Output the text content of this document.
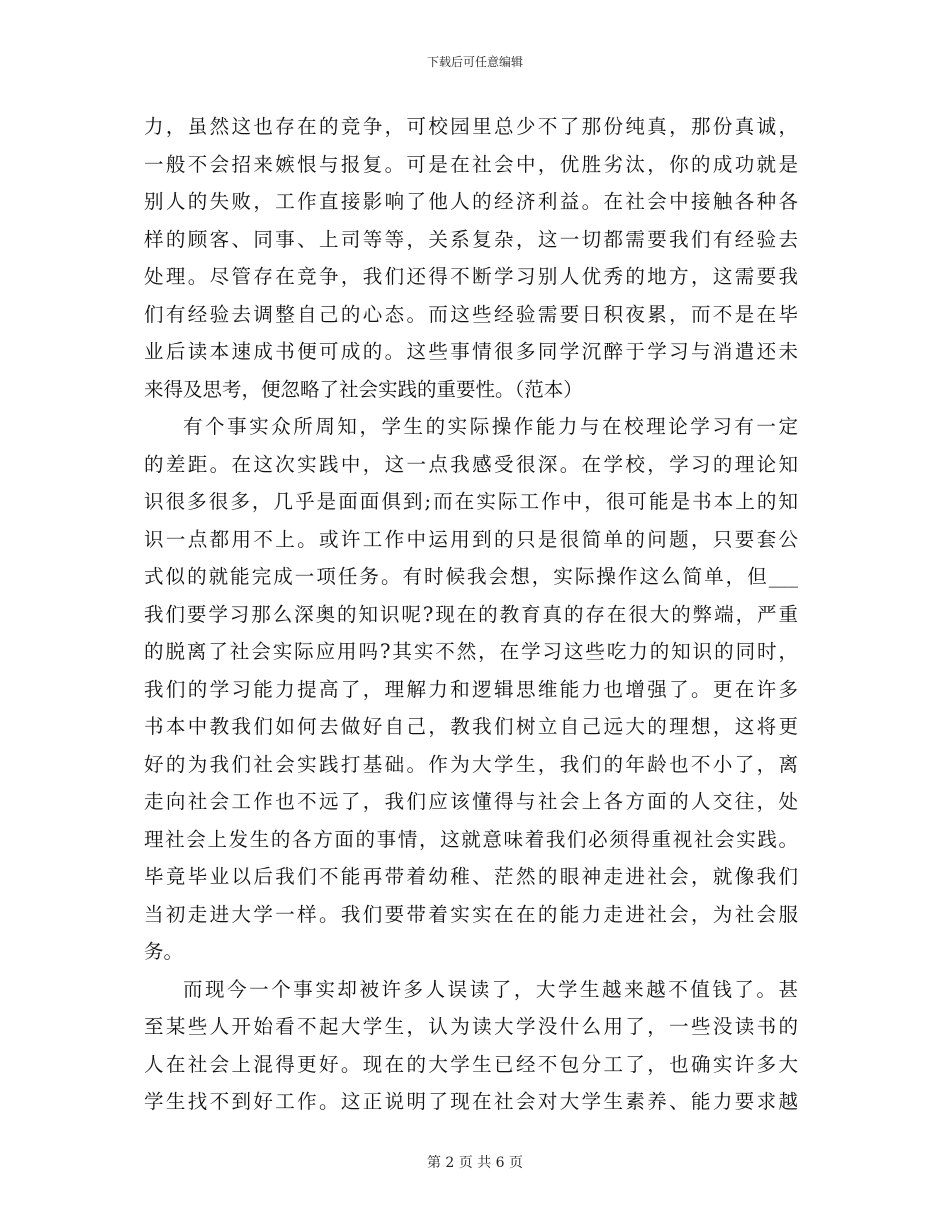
下载后可任意编辑
力，虽然这也存在的竞争，可校园里总少不了那份纯真，那份真诚，
一般不会招来嫉恨与报复。可是在社会中，优胜劣汰，你的成功就是
别人的失败，工作直接影响了他人的经济利益。在社会中接触各种各
样的顾客、同事、上司等等，关系复杂，这一切都需要我们有经验去
处理。尽管存在竞争，我们还得不断学习别人优秀的地方，这需要我
们有经验去调整自己的心态。而这些经验需要日积夜累，而不是在毕
业后读本速成书便可成的。这些事情很多同学沉醉于学习与消遣还未
来得及思考，便忽略了社会实践的重要性。（范本）
有个事实众所周知，学生的实际操作能力与在校理论学习有一定
的差距。在这次实践中，这一点我感受很深。在学校，学习的理论知
识很多很多，几乎是面面俱到;而在实际工作中，很可能是书本上的知
识一点都用不上。或许工作中运用到的只是很简单的问题，只要套公
式似的就能完成一项任务。有时候我会想，实际操作这么简单，但___
我们要学习那么深奥的知识呢?现在的教育真的存在很大的弊端，严重
的脱离了社会实际应用吗?其实不然，在学习这些吃力的知识的同时，
我们的学习能力提高了，理解力和逻辑思维能力也增强了。更在许多
书本中教我们如何去做好自己，教我们树立自己远大的理想，这将更
好的为我们社会实践打基础。作为大学生，我们的年龄也不小了，离
走向社会工作也不远了，我们应该懂得与社会上各方面的人交往，处
理社会上发生的各方面的事情，这就意味着我们必须得重视社会实践。
毕竟毕业以后我们不能再带着幼稚、茫然的眼神走进社会，就像我们
当初走进大学一样。我们要带着实实在在的能力走进社会，为社会服
务。
而现今一个事实却被许多人误读了，大学生越来越不值钱了。甚
至某些人开始看不起大学生，认为读大学没什么用了，一些没读书的
人在社会上混得更好。现在的大学生已经不包分工了，也确实许多大
学生找不到好工作。这正说明了现在社会对大学生素养、能力要求越
第 2 页 共 6 页
